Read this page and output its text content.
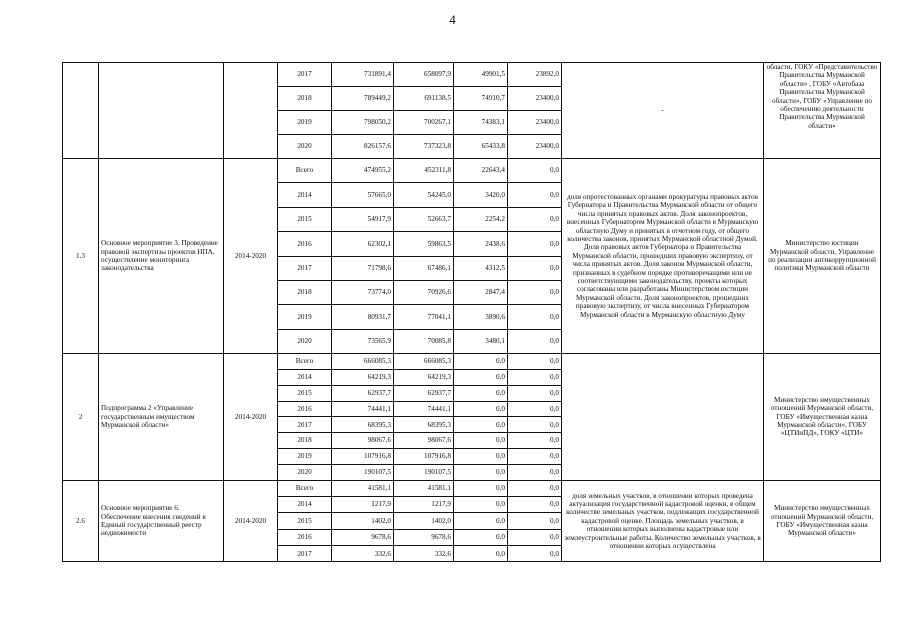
4
			2017	731891,4	658097,9	49901,5	23892,0	-	области, ГОКУ «Представительство Правительства Мурманской области» , ГОБУ «Автобаза Правительства Мурманской области», ГОБУ «Управление по обеспечению деятельности Правительства Мурманской области»
			2018	789449,2	691138,5	74910,7	23400,0		
			2019	798050,2	700267,1	74383,1	23400,0		
			2020	826157,6	737323,8	65433,8	23400,0		
1.3	Основное мероприятие 3. Проведение правовой экспертизы проектов НПА, осуществление мониторинга законодательства	2014-2020	Всего	474955,2	452311,8	22643,4	0,0	доля опротестованных органами прокуратуры правовых актов Губернатора и Правительства Мурманской области от общего числа принятых правовых актов. Доля законопроектов, внесенных Губернатором Мурманской области в Мурманскую областную Думу и принятых в отчетном году, от общего количества законов, принятых Мурманской областной Думой. Доля правовых актов Губернатора и Правительства Мурманской области, прошедших правовую экспертизу, от числа принятых актов. Доля законов Мурманской области, признанных в судебном порядке противоречащими или не соответствующими законодательству, проекты которых согласованы или разработаны Министерством юстиции Мурманской области. Доля законопроектов, прошедших правовую экспертизу, от числа внесенных Губернатором Мурманской области в Мурманскую областную Думу	Министерство юстиции Мурманской области, Управление по реализации антикоррупционной политики Мурманской области
			2014	57665,0	54245,0	3420,0	0,0		
			2015	54917,9	52663,7	2254,2	0,0		
			2016	62302,1	59863,5	2438,6	0,0		
			2017	71798,6	67486,1	4312,5	0,0		
			2018	73774,0	70926,6	2847,4	0,0		
			2019	80931,7	77041,1	3890,6	0,0		
			2020	73565,9	70085,8	3480,1	0,0		
2	Подпрограмма 2 «Управление государственным имуществом Мурманской области»	2014-2020	Всего	666085,3	666085,3	0,0	0,0		Министерство имущественных отношений Мурманской области, ГОБУ «Имущественная казна Мурманской области», ГОБУ «ЦТИиПД», ГОКУ «ЦТИ»
			2014	64219,3	64219,3	0,0	0,0		
			2015	62937,7	62937,7	0,0	0,0		
			2016	74441,1	74441,1	0,0	0,0		
			2017	68395,3	68395,3	0,0	0,0		
			2018	98067,6	98067,6	0,0	0,0		
			2019	107916,8	107916,8	0,0	0,0		
			2020	190107,5	190107,5	0,0	0,0		
2.6	Основное мероприятие 6. Обеспечение внесения сведений в Единый государственный реестр недвижимости	2014-2020	Всего	41581,1	41581,1	0,0	0,0	доля земельных участков, в отношении которых проведена актуализация государственной кадастровой оценки, в общем количестве земельных участков, подлежащих государственной кадастровой оценке. Площадь земельных участков, в отношении которых выполнены кадастровые или землеустроительные работы. Количество земельных участков, в отношении которых осуществлена	Министерство имущественных отношений Мурманской области, ГОБУ «Имущественная казна Мурманской области»
			2014	1217,9	1217,9	0,0	0,0		
			2015	1402,0	1402,0	0,0	0,0		
			2016	9678,6	9678,6	0,0	0,0		
			2017	332,6	332,6	0,0	0,0		
